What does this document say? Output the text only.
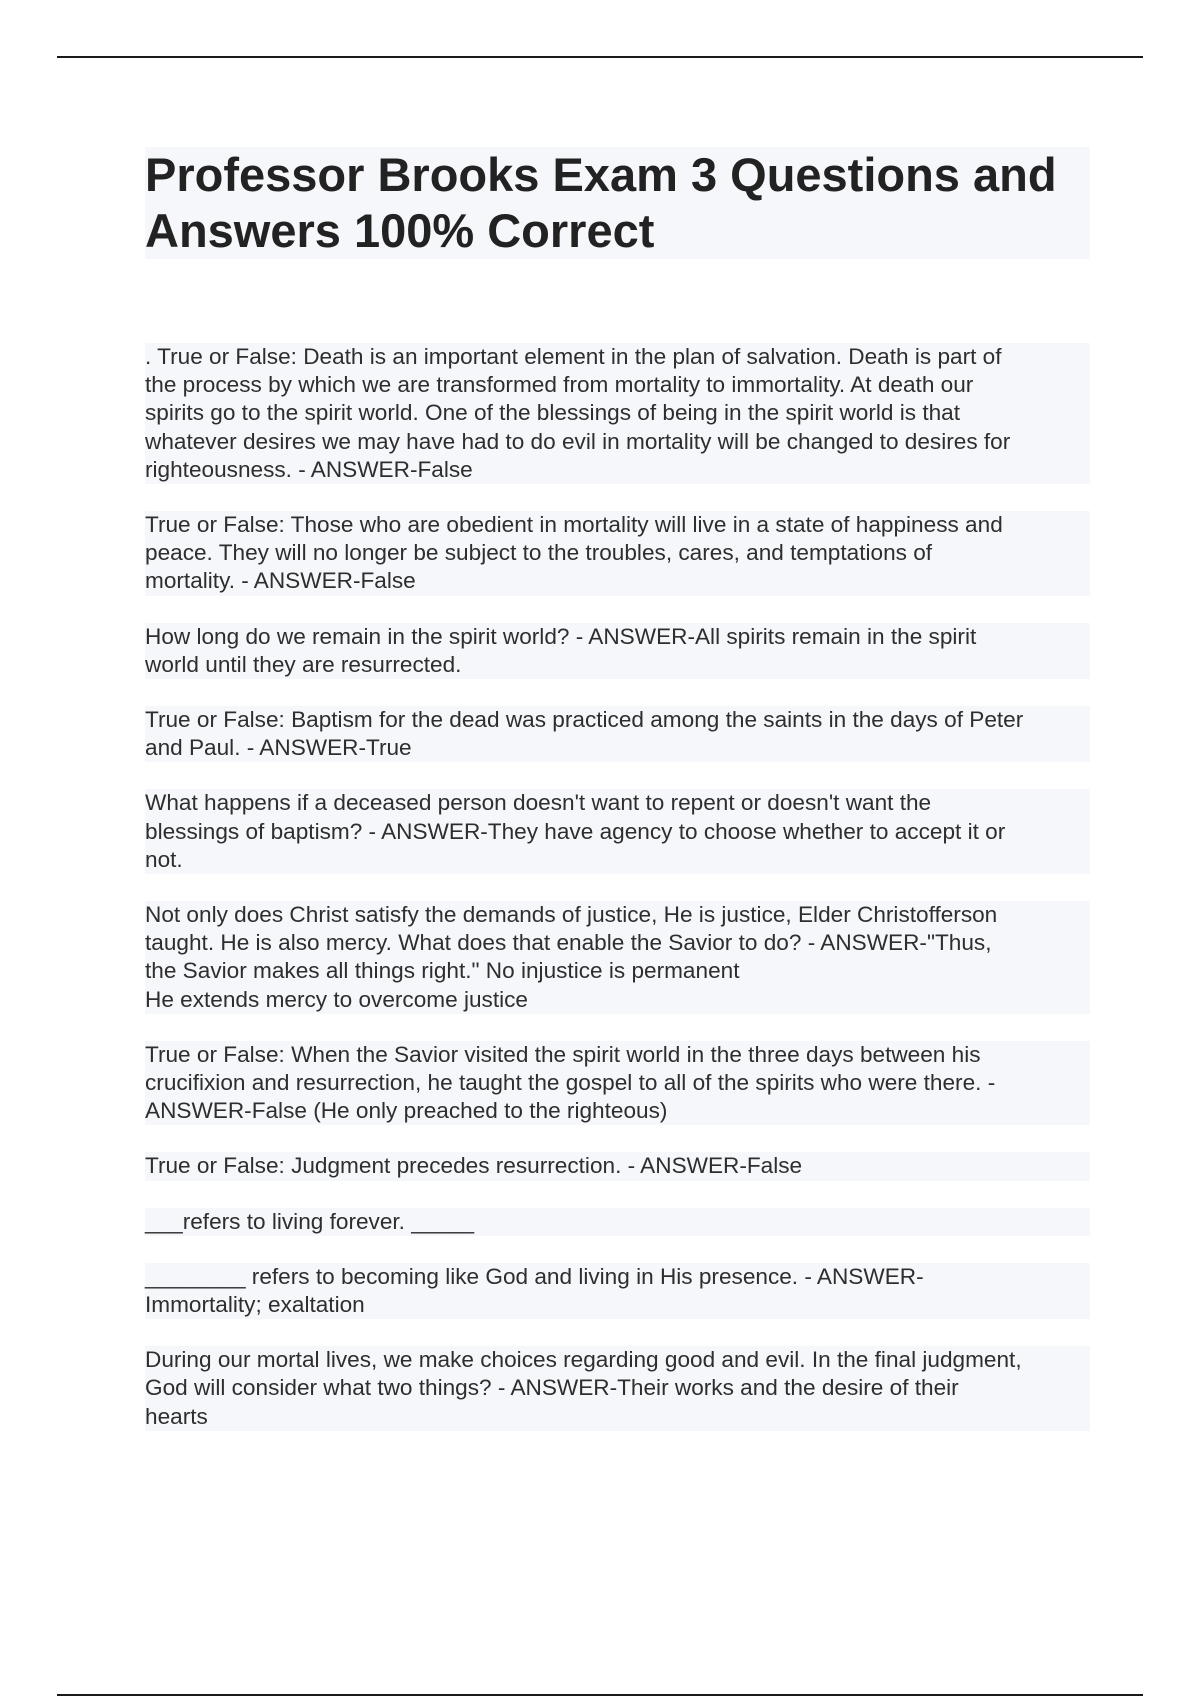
Professor Brooks Exam 3 Questions and
Answers 100% Correct
. True or False: Death is an important element in the plan of salvation. Death is part of
the process by which we are transformed from mortality to immortality. At death our
spirits go to the spirit world. One of the blessings of being in the spirit world is that
whatever desires we may have had to do evil in mortality will be changed to desires for
righteousness. - ANSWER-False
True or False: Those who are obedient in mortality will live in a state of happiness and
peace. They will no longer be subject to the troubles, cares, and temptations of
mortality. - ANSWER-False
How long do we remain in the spirit world? - ANSWER-All spirits remain in the spirit
world until they are resurrected.
True or False: Baptism for the dead was practiced among the saints in the days of Peter
and Paul. - ANSWER-True
What happens if a deceased person doesn't want to repent or doesn't want the
blessings of baptism? - ANSWER-They have agency to choose whether to accept it or
not.
Not only does Christ satisfy the demands of justice, He is justice, Elder Christofferson
taught. He is also mercy. What does that enable the Savior to do? - ANSWER-"Thus,
the Savior makes all things right." No injustice is permanent
He extends mercy to overcome justice
True or False: When the Savior visited the spirit world in the three days between his
crucifixion and resurrection, he taught the gospel to all of the spirits who were there. -
ANSWER-False (He only preached to the righteous)
True or False: Judgment precedes resurrection. - ANSWER-False
___refers to living forever. _____
________ refers to becoming like God and living in His presence. - ANSWER-
Immortality; exaltation
During our mortal lives, we make choices regarding good and evil. In the final judgment,
God will consider what two things? - ANSWER-Their works and the desire of their
hearts
